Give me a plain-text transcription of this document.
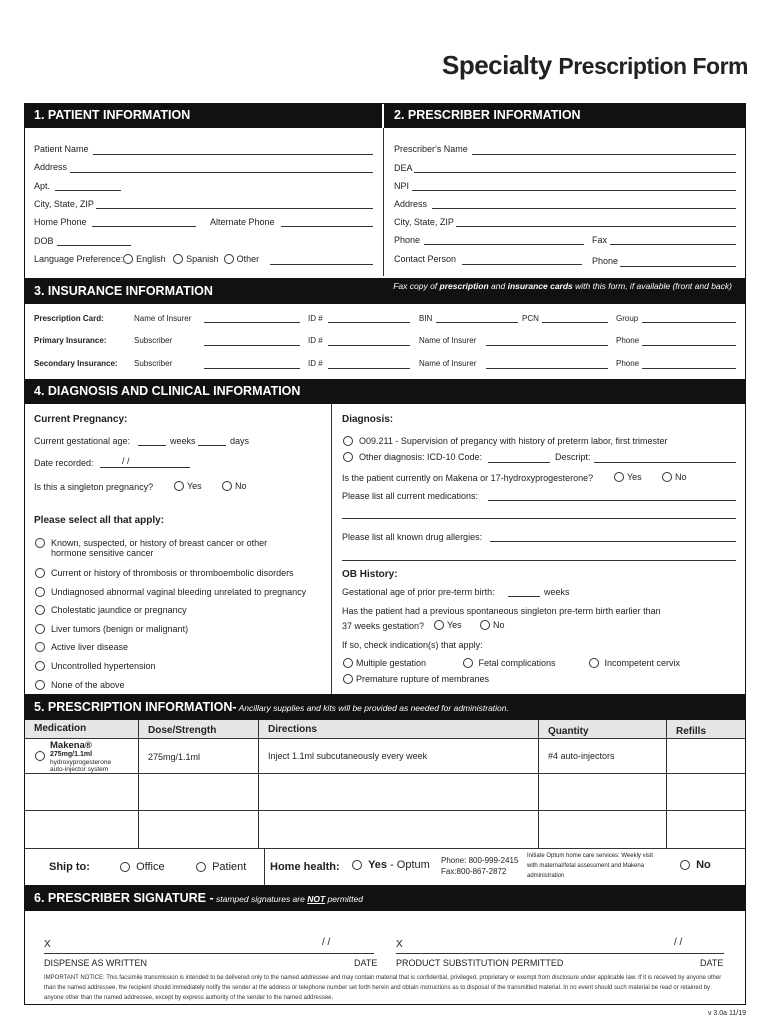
Specialty Prescription Form
1. PATIENT INFORMATION	2. PRESCRIBER INFORMATION
Patient Name
Address
Apt.
City, State, ZIP
Home Phone	Alternate Phone
DOB
Language Preference: English Spanish Other
Prescriber's Name
DEA
NPI
Address
City, State, ZIP
Phone	Fax
Contact Person	Phone
3. INSURANCE INFORMATION	Fax copy of prescription and insurance cards with this form, if available (front and back)
Prescription Card:	Name of Insurer	ID #	BIN	PCN	Group
Primary Insurance:	Subscriber	ID #	Name of Insurer	Phone
Secondary Insurance: Subscriber	ID #	Name of Insurer	Phone
4. DIAGNOSIS AND CLINICAL INFORMATION
Current Pregnancy:
Current gestational age:	weeks	days
Date recorded:	/ /
Is this a singleton pregnancy?	Yes	No
Please select all that apply:
Known, suspected, or history of breast cancer or other
hormone sensitive cancer
Current or history of thrombosis or thromboembolic disorders
Undiagnosed abnormal vaginal bleeding unrelated to pregnancy
Cholestatic jaundice or pregnancy
Liver tumors (benign or malignant)
Active liver disease
Uncontrolled hypertension
None of the above
Diagnosis:
O09.211 - Supervision of pregancy with history of preterm labor, first trimester
Other diagnosis: ICD-10 Code:	Descript:
Is the patient currently on Makena or 17-hydroxyprogesterone?	Yes	No
Please list all current medications:
Please list all known drug allergies:
OB History:
Gestational age of prior pre-term birth:	weeks
Has the patient had a previous spontaneous singleton pre-term birth earlier than
37 weeks gestation?	Yes	No
If so, check indication(s) that apply:
Multiple gestation	Fetal complications	Incompetent cervix
Premature rupture of membranes
5. PRESCRIPTION INFORMATION- Ancillary supplies and kits will be provided as needed for administration.
Medication	Dose/Strength	Directions	Quantity	Refills
Makena®
275mg/1.1ml
hydroxyprogesterone
auto-injector system
275mg/1.1ml	Inject 1.1ml subcutaneously every week	#4 auto-injectors
Ship to:	Office	Patient Home health:	Yes - Optum Phone: 800-999-2415
Fax:800-867-2872
Initiate Optum home care services: Weekly visit
with maternal/fetal assessment and Makena
administration
No
6. PRESCRIBER SIGNATURE - stamped signatures are NOT permitted
X	/ /
DISPENSE AS WRITTEN	DATE
X	/ /
PRODUCT SUBSTITUTION PERMITTED	DATE
IMPORTANT NOTICE: This facsimile transmission is intended to be delivered only to the named addressee and may contain material that is confidential, privileged, proprietary or exempt from disclosure under applicable law. If it is received by anyone other than the named addressee, the recipient should immediately notify the sender at the address or telephone number set forth herein and obtain instructions as to disposal of the transmitted material. In no event should such material be read or retained by anyone other than the named addressee, except by express authority of the sender to the named addressee.
v 3.0a 11/19
